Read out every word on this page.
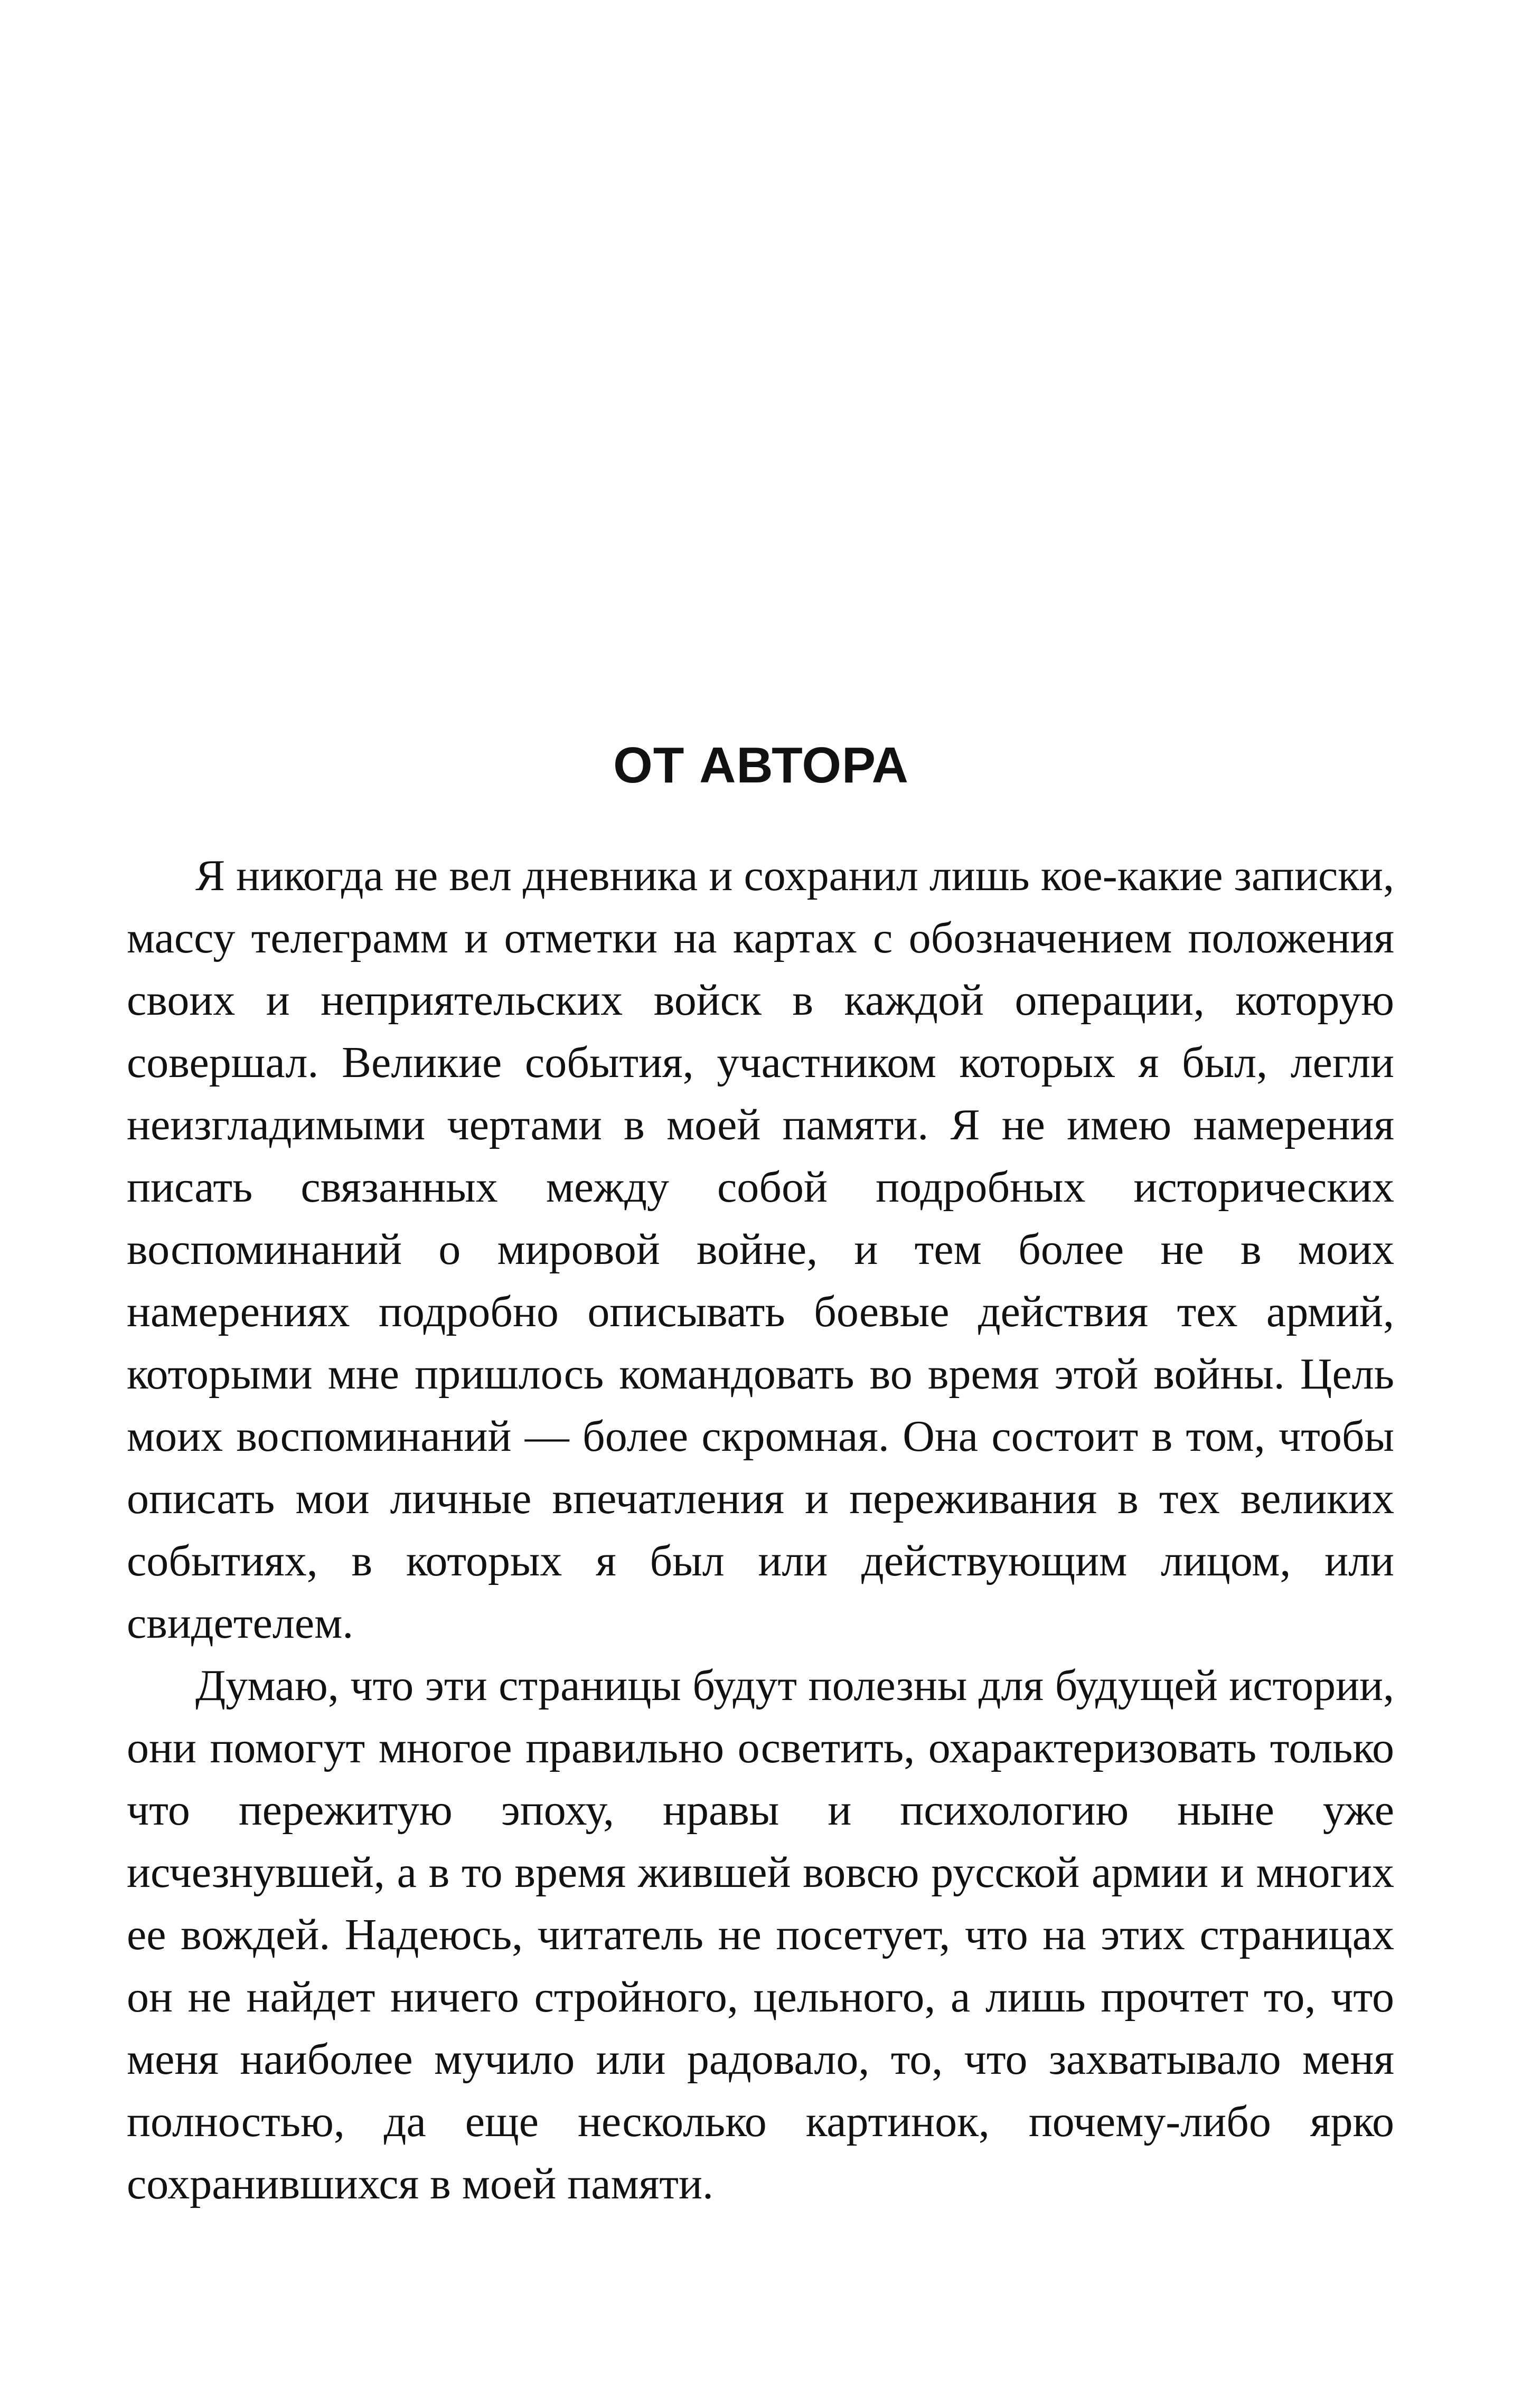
ОТ АВТОРА

Я никогда не вел дневника и сохранил лишь кое-какие записки, массу телеграмм и отметки на картах с обозначением положения своих и неприятельских войск в каждой операции, которую совершал. Великие события, участником которых я был, легли неизгладимыми чертами в моей памяти. Я не имею намерения писать связанных между собой подробных исторических воспоминаний о мировой войне, и тем более не в моих намерениях подробно описывать боевые действия тех армий, которыми мне пришлось командовать во время этой войны. Цель моих воспоминаний — более скромная. Она состоит в том, чтобы описать мои личные впечатления и переживания в тех великих событиях, в которых я был или действующим лицом, или свидетелем.

Думаю, что эти страницы будут полезны для будущей истории, они помогут многое правильно осветить, охарактеризовать только что пережитую эпоху, нравы и психологию ныне уже исчезнувшей, а в то время жившей вовсю русской армии и многих ее вождей. Надеюсь, читатель не посетует, что на этих страницах он не найдет ничего стройного, цельного, а лишь прочтет то, что меня наиболее мучило или радовало, то, что захватывало меня полностью, да еще несколько картинок, почему-либо ярко сохранившихся в моей памяти.
